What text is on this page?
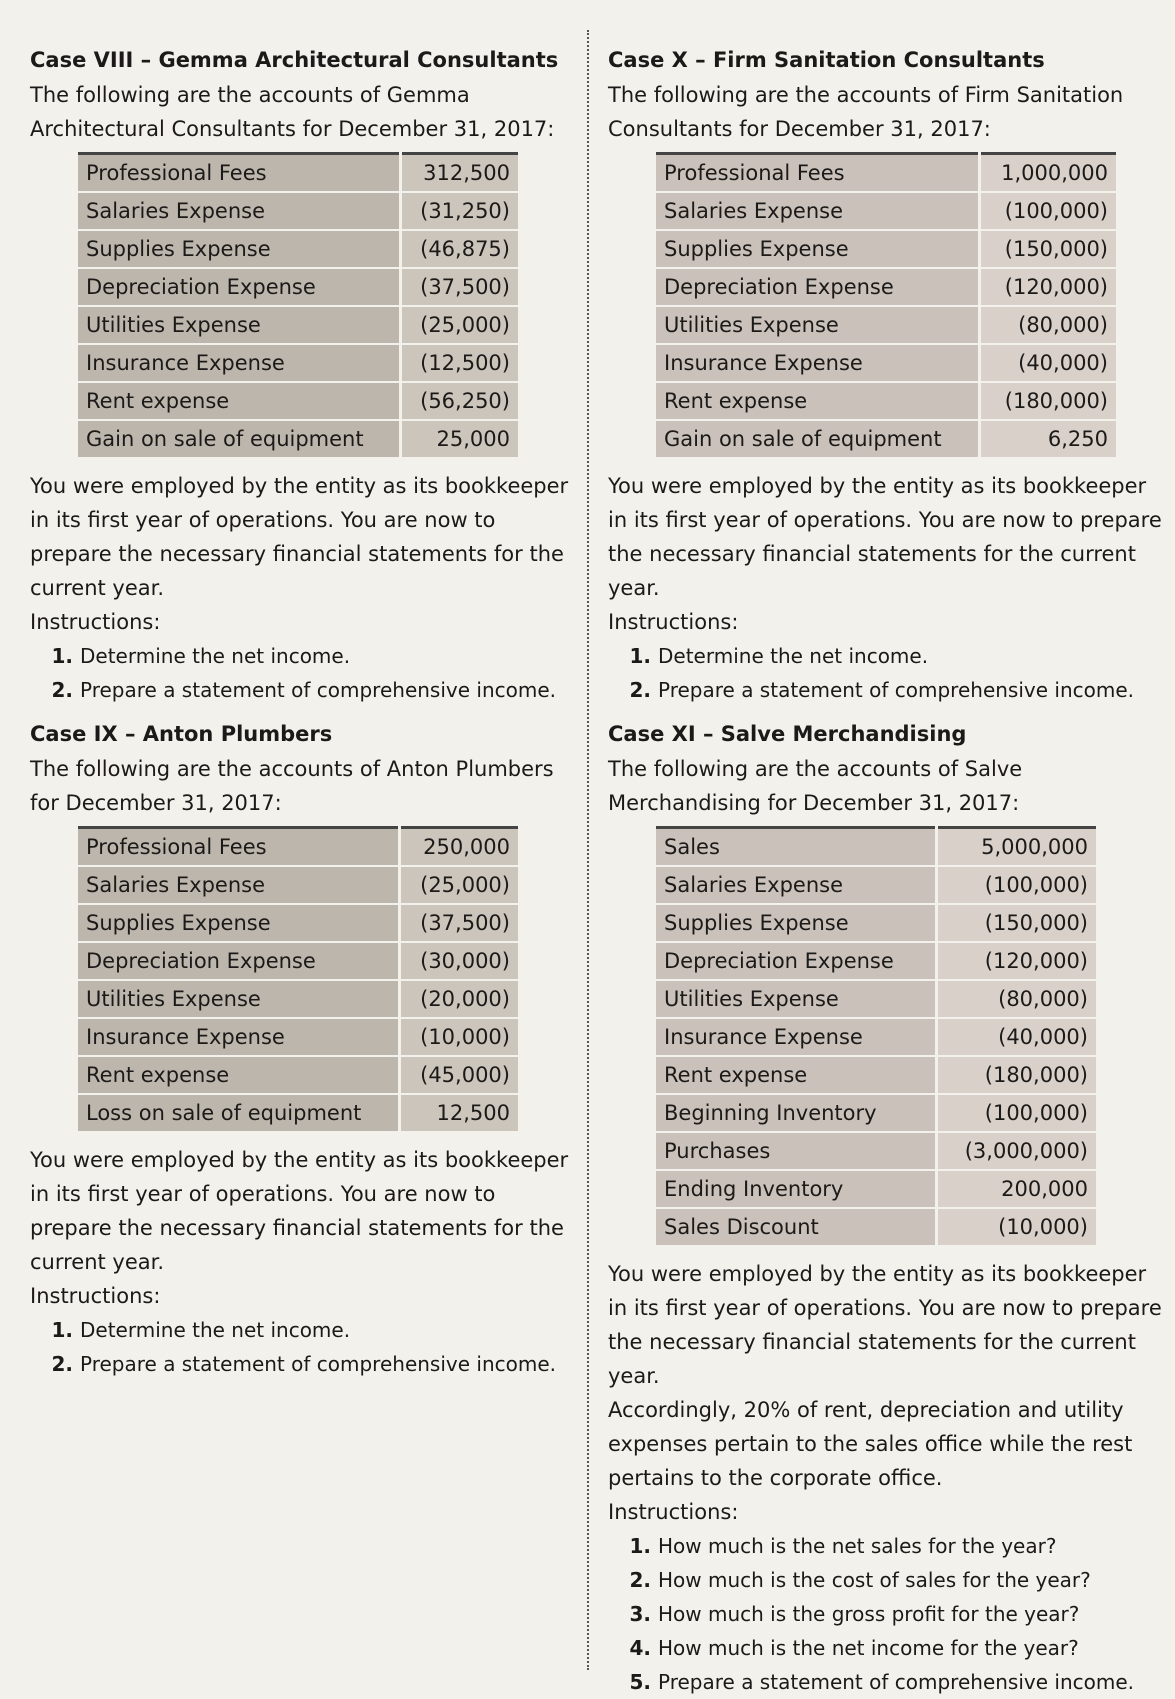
Case VIII – Gemma Architectural Consultants
The following are the accounts of Gemma Architectural Consultants for December 31, 2017:
Professional Fees	312,500
Salaries Expense	(31,250)
Supplies Expense	(46,875)
Depreciation Expense	(37,500)
Utilities Expense	(25,000)
Insurance Expense	(12,500)
Rent expense	(56,250)
Gain on sale of equipment	25,000

You were employed by the entity as its bookkeeper in its first year of operations. You are now to prepare the necessary financial statements for the current year.

Instructions:

1. Determine the net income.
2. Prepare a statement of comprehensive income.
Case IX – Anton Plumbers
The following are the accounts of Anton Plumbers for December 31, 2017:
Professional Fees	250,000
Salaries Expense	(25,000)
Supplies Expense	(37,500)
Depreciation Expense	(30,000)
Utilities Expense	(20,000)
Insurance Expense	(10,000)
Rent expense	(45,000)
Loss on sale of equipment	12,500

You were employed by the entity as its bookkeeper in its first year of operations. You are now to prepare the necessary financial statements for the current year.

Instructions:

1. Determine the net income.
2. Prepare a statement of comprehensive income.
Case X – Firm Sanitation Consultants
The following are the accounts of Firm Sanitation Consultants for December 31, 2017:
Professional Fees	1,000,000
Salaries Expense	(100,000)
Supplies Expense	(150,000)
Depreciation Expense	(120,000)
Utilities Expense	(80,000)
Insurance Expense	(40,000)
Rent expense	(180,000)
Gain on sale of equipment	6,250

You were employed by the entity as its bookkeeper in its first year of operations. You are now to prepare the necessary financial statements for the current year.

Instructions:

1. Determine the net income.
2. Prepare a statement of comprehensive income.
Case XI – Salve Merchandising
The following are the accounts of Salve Merchandising for December 31, 2017:
Sales	5,000,000
Salaries Expense	(100,000)
Supplies Expense	(150,000)
Depreciation Expense	(120,000)
Utilities Expense	(80,000)
Insurance Expense	(40,000)
Rent expense	(180,000)
Beginning Inventory	(100,000)
Purchases	(3,000,000)
Ending Inventory	200,000
Sales Discount	(10,000)

You were employed by the entity as its bookkeeper in its first year of operations. You are now to prepare the necessary financial statements for the current year.

Accordingly, 20% of rent, depreciation and utility expenses pertain to the sales office while the rest pertains to the corporate office.

Instructions:

1. How much is the net sales for the year?
2. How much is the cost of sales for the year?
3. How much is the gross profit for the year?
4. How much is the net income for the year?
5. Prepare a statement of comprehensive income.
